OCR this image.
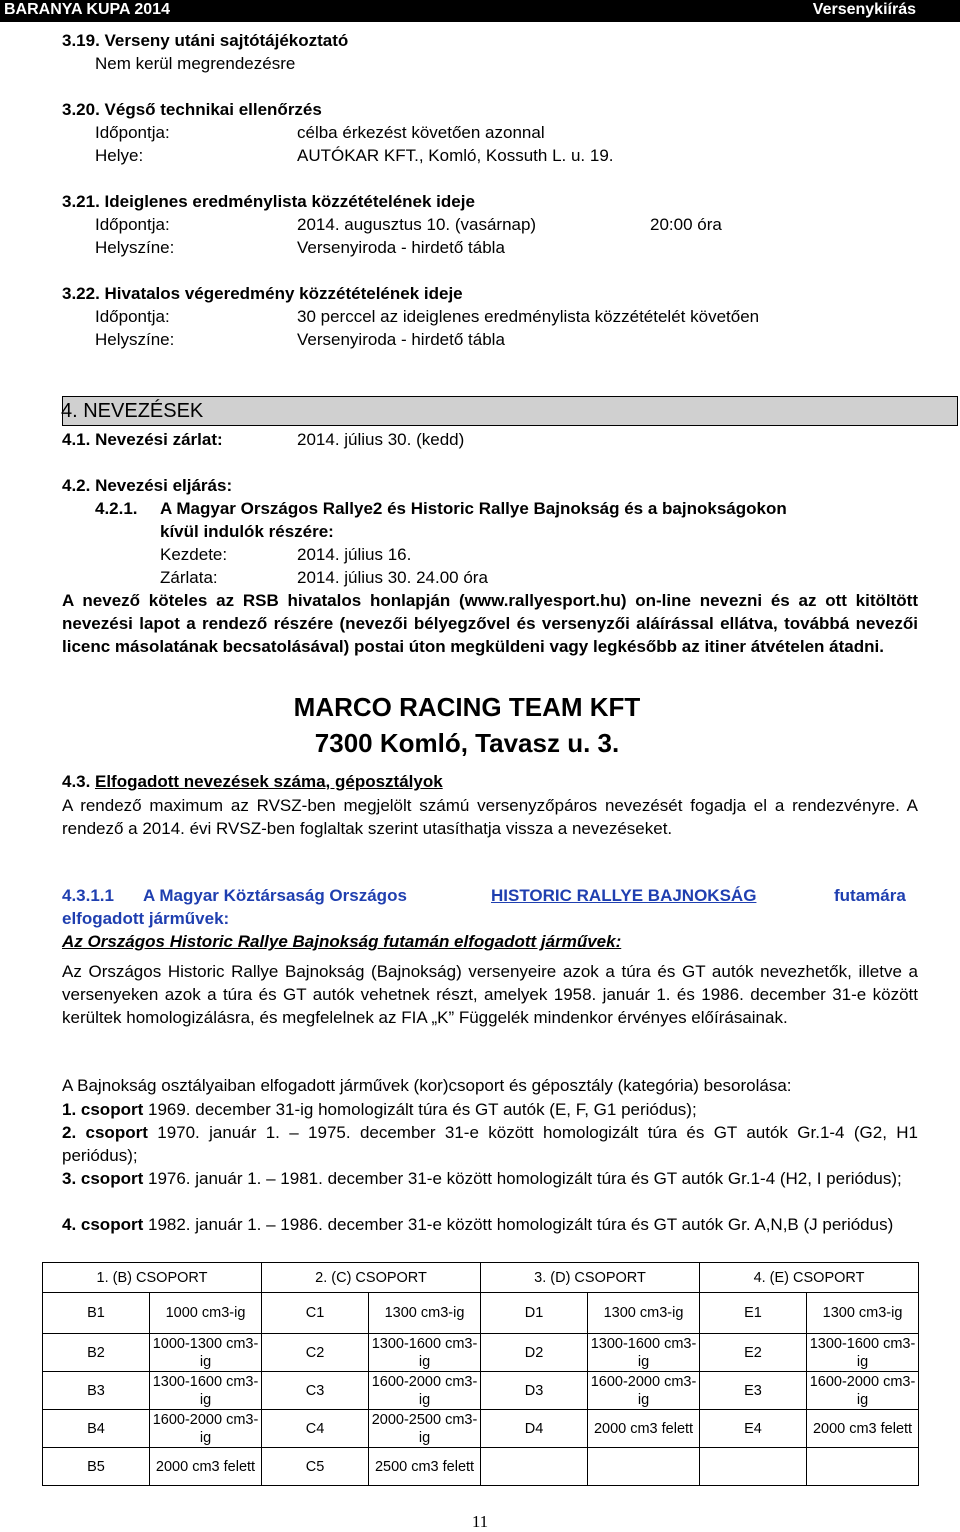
BARANYA KUPA 2014	Versenykiírás
3.19. Verseny utáni sajtótájékoztató
Nem kerül megrendezésre
3.20. Végső technikai ellenőrzés
Időpontja:	célba érkezést követően azonnal
Helye:	AUTÓKAR KFT., Komló, Kossuth L. u. 19.
3.21. Ideiglenes eredménylista közzétételének ideje
Időpontja:	2014. augusztus 10. (vasárnap)	20:00 óra
Helyszíne:	Versenyiroda - hirdető tábla
3.22. Hivatalos végeredmény közzétételének ideje
Időpontja:	30 perccel az ideiglenes eredménylista közzétételét követően
Helyszíne:	Versenyiroda - hirdető tábla
4. NEVEZÉSEK
4.1. Nevezési zárlat:	2014. július 30. (kedd)
4.2. Nevezési eljárás:
4.2.1. A Magyar Országos Rallye2 és Historic Rallye Bajnokság és a bajnokságokon
kívül indulók részére:
Kezdete:	2014. július 16.
Zárlata:	2014. július 30. 24.00 óra
A nevező köteles az RSB hivatalos honlapján (www.rallyesport.hu) on-line nevezni és az ott kitöltött nevezési lapot a rendező részére (nevezői bélyegzővel és versenyzői aláírással ellátva, továbbá nevezői licenc másolatának becsatolásával) postai úton megküldeni vagy legkésőbb az itiner átvételen átadni.
MARCO RACING TEAM KFT
7300 Komló, Tavasz u. 3.
4.3. Elfogadott nevezések száma, géposztályok
A rendező maximum az RVSZ-ben megjelölt számú versenyzőpáros nevezését fogadja el a rendezvényre. A rendező a 2014. évi RVSZ-ben foglaltak szerint utasíthatja vissza a nevezéseket.
4.3.1.1 A Magyar Köztársaság Országos	HISTORIC RALLYE BAJNOKSÁG	futamára
elfogadott járművek:
Az Országos Historic Rallye Bajnokság futamán elfogadott járművek:
Az Országos Historic Rallye Bajnokság (Bajnokság) versenyeire azok a túra és GT autók nevezhetők, illetve a versenyeken azok a túra és GT autók vehetnek részt, amelyek 1958. január 1. és 1986. december 31-e között kerültek homologizálásra, és megfelelnek az FIA „K” Függelék mindenkor érvényes előírásainak.
A Bajnokság osztályaiban elfogadott járművek (kor)csoport és géposztály (kategória) besorolása:
1. csoport 1969. december 31-ig homologizált túra és GT autók (E, F, G1 periódus);
2. csoport 1970. január 1. – 1975. december 31-e között homologizált túra és GT autók Gr.1-4 (G2, H1 periódus);
3. csoport 1976. január 1. – 1981. december 31-e között homologizált túra és GT autók Gr.1-4 (H2, I periódus);
4. csoport 1982. január 1. – 1986. december 31-e között homologizált túra és GT autók Gr. A,N,B (J periódus)
1. (B) CSOPORT		2. (C) CSOPORT		3. (D) CSOPORT		4. (E) CSOPORT	
B1	1000 cm3-ig	C1	1300 cm3-ig	D1	1300 cm3-ig	E1	1300 cm3-ig
B2	1000-1300 cm3-ig	C2	1300-1600 cm3-ig	D2	1300-1600 cm3-ig	E2	1300-1600 cm3-ig
B3	1300-1600 cm3-ig	C3	1600-2000 cm3-ig	D3	1600-2000 cm3-ig	E3	1600-2000 cm3-ig
B4	1600-2000 cm3-ig	C4	2000-2500 cm3-ig	D4	2000 cm3 felett	E4	2000 cm3 felett
B5	2000 cm3 felett	C5	2500 cm3 felett				
11
